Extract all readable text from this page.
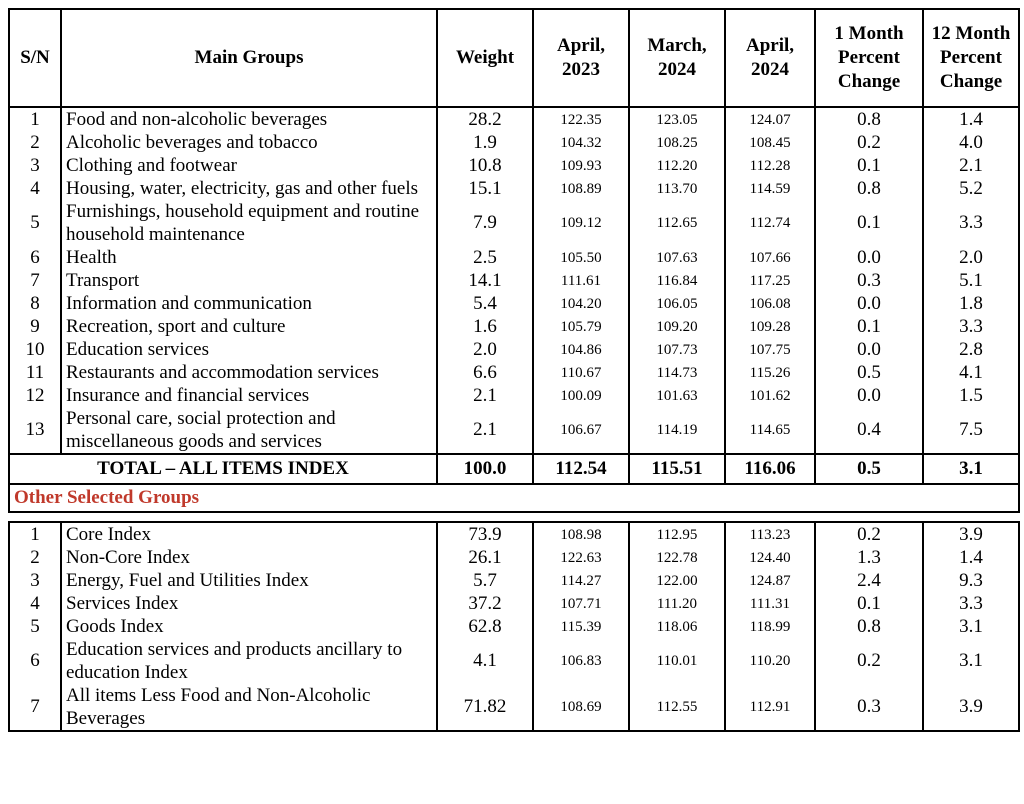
S/N	Main Groups	Weight	April, 2023	March, 2024	April, 2024	1 Month Percent Change	12 Month Percent Change
1	Food and non-alcoholic beverages	28.2	122.35	123.05	124.07	0.8	1.4
2	Alcoholic beverages and tobacco	1.9	104.32	108.25	108.45	0.2	4.0
3	Clothing and footwear	10.8	109.93	112.20	112.28	0.1	2.1
4	Housing, water, electricity, gas and other fuels	15.1	108.89	113.70	114.59	0.8	5.2
5	Furnishings, household equipment and routine household maintenance	7.9	109.12	112.65	112.74	0.1	3.3
6	Health	2.5	105.50	107.63	107.66	0.0	2.0
7	Transport	14.1	111.61	116.84	117.25	0.3	5.1
8	Information and communication	5.4	104.20	106.05	106.08	0.0	1.8
9	Recreation, sport and culture	1.6	105.79	109.20	109.28	0.1	3.3
10	Education services	2.0	104.86	107.73	107.75	0.0	2.8
11	Restaurants and accommodation services	6.6	110.67	114.73	115.26	0.5	4.1
12	Insurance and financial services	2.1	100.09	101.63	101.62	0.0	1.5
13	Personal care, social protection and miscellaneous goods and services	2.1	106.67	114.19	114.65	0.4	7.5
TOTAL – ALL ITEMS INDEX		100.0	112.54	115.51	116.06	0.5	3.1
Other Selected Groups							

1	Core Index	73.9	108.98	112.95	113.23	0.2	3.9
2	Non-Core Index	26.1	122.63	122.78	124.40	1.3	1.4
3	Energy, Fuel and Utilities Index	5.7	114.27	122.00	124.87	2.4	9.3
4	Services Index	37.2	107.71	111.20	111.31	0.1	3.3
5	Goods Index	62.8	115.39	118.06	118.99	0.8	3.1
6	Education services and products ancillary to education Index	4.1	106.83	110.01	110.20	0.2	3.1
7	All items Less Food and Non-Alcoholic Beverages	71.82	108.69	112.55	112.91	0.3	3.9
